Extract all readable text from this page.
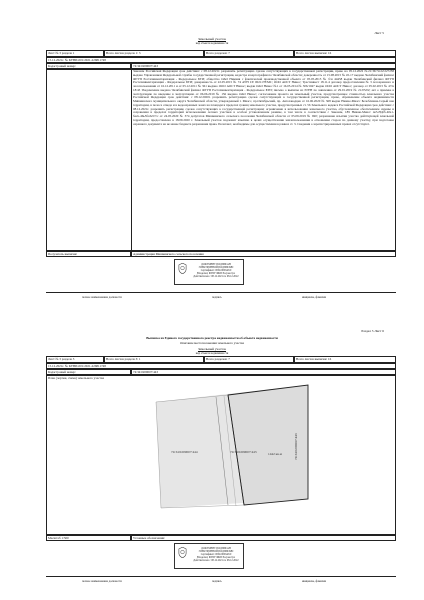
Лист 5
Земельный участок
вид объекта недвижимости
Лист № 3 раздела 1	Всего листов раздела 1: 3	Всего разделов: 7	Всего листов выписки: 16
15.12.2021г. № КУВИ-001/2021-226811748
Кадастровый номер:	74:34:0209007:443
Законом Российской Федерации срок действия: с 08.12.2021г. разрешить регистрацию сделок сопутствующих к государственной регистрации, право на 05.12.2022 №21:36:74:22:227258 выдано Управлением Федеральной службы государственной регистрации, кадастра и картографии по Челябинской области; доверенность от 15.08.2015 № 45-17 выдано Челябинский филиал ФГУП Ростехинвентаризация - Федеральное БТИ; общество ОАО Нижняя с фактической производственной объекта от 05.05.2015 № б/н 44458 выдан Челябинский филиал ФГУП Ростехинвентаризация - Федеральное БТИ; доверенность от 22.05.2015 № 74 АУН СЕ 0021178/МС; ООО АОСТ Нинос; Трастинвест 18.11.4 договор предоставления № 3 лесоаренного и лесопользования от 16.12.2011 и от 05.12.2011 № 361 выдано ООО АОСТ Нинос; выдан ОАО Нинос №1 от 16.05.2014 № 306/1047 выдан ООО АОСТ Нинос; договор от 05.02.2015 № 47/н 18/43 Уведомление выдано Челябинский филиал ФГУП Ростехинвентаризация - Федеральное БТИ; письмо о выписке из ЕГРН по заявлению от 29.01.2019 № 21/05/02; акт о приемке в эксплуатацию по введение в эксплуатацию от 06.06.2019 № 156 выдано ОАО Нинос; согласование проекта на земельный участок, предусмотренное стоимостью земельного участка Российской Федерации срок действия: с 08.12.2020г. разрешить регистрацию сделок сопутствующих к государственной регистрации, право, обременение объекта недвижимости Мишкинского муниципального округа Челябинской области, утвержденный г. Миасс, пр.Октябрьский, пр. Автозаводцев от 16.06.2020 № 368 выдан Нижне-Миасс Белоближне-Серый вне территории, в полосе отвода и в водоохранных зонах на площади в пределах границ земельного участка, предусмотренных ст. 56 Земельного кодекса Российской Федерации срок действия: с 08.12.2021г. разрешить регистрацию сделок сопутствующих к государственной регистрации; ограничение в использовании земельного участка, обусловленное обеспечением охраны и сохранения в пределах территорий использования лесных участков в особом установленном режиме, в том числе в соответствии с Законом, 189 Нижне-Миасс 4е5-Ндбб-40а1-ба2е-46ь5ба3е57сс от 24.05.2020 № 374 депутатов Мишкинского сельского поселения Челябинской области от 05.09.2019 № 690; разрешение изъятия участка действующей земельной территории, предоставлена в 18.09.2020 г. Земельный участок подлежит изъятию в целях осуществления землепользования в отношении сторон по данному участку, при подготовке охранного документа на не менее бюджета разрешения права. Полагают, необходимы для осуществления в рамках ст. 3. Сведения о зарегистрированных правах отсутствуют.
Получатель выписки:	Администрация Мишкинского сельского поселения
ДОКУМЕНТ ПОДПИСАН
ЭЛЕКТРОННОЙ ПОДПИСЬЮ
Сертификат: 00fbc000ba8c0
Владелец: ФГБУ ФКП Росреестра
Действителен с 08.12.2021 по 08.12.2022
полное наименование должности	подпись	инициалы, фамилия
Раздел 3 Лист 6
Выписка из Единого государственного реестра недвижимости об объекте недвижимости
Описание местоположения земельного участка
Земельный участок
вид объекта недвижимости
Лист № 3 раздела 3	Всего листов раздела 3: 1	Всего разделов: 7	Всего листов выписки: 16
15.12.2021г. № КУВИ-001/2021-226811748
Кадастровый номер:	74:34:0209007:443
План (чертеж, схема) земельного участка
74:34:0209007:444	74:34:0209007:443	1442 кв.м	74:34:0209007:443
Масштаб 1:500	Условные обозначения:
ДОКУМЕНТ ПОДПИСАН
ЭЛЕКТРОННОЙ ПОДПИСЬЮ
Сертификат: 00fbc000ba8c0
Владелец: ФГБУ ФКП Росреестра
Действителен с 08.12.2021 по 08.12.2022
полное наименование должности	подпись	инициалы, фамилия
